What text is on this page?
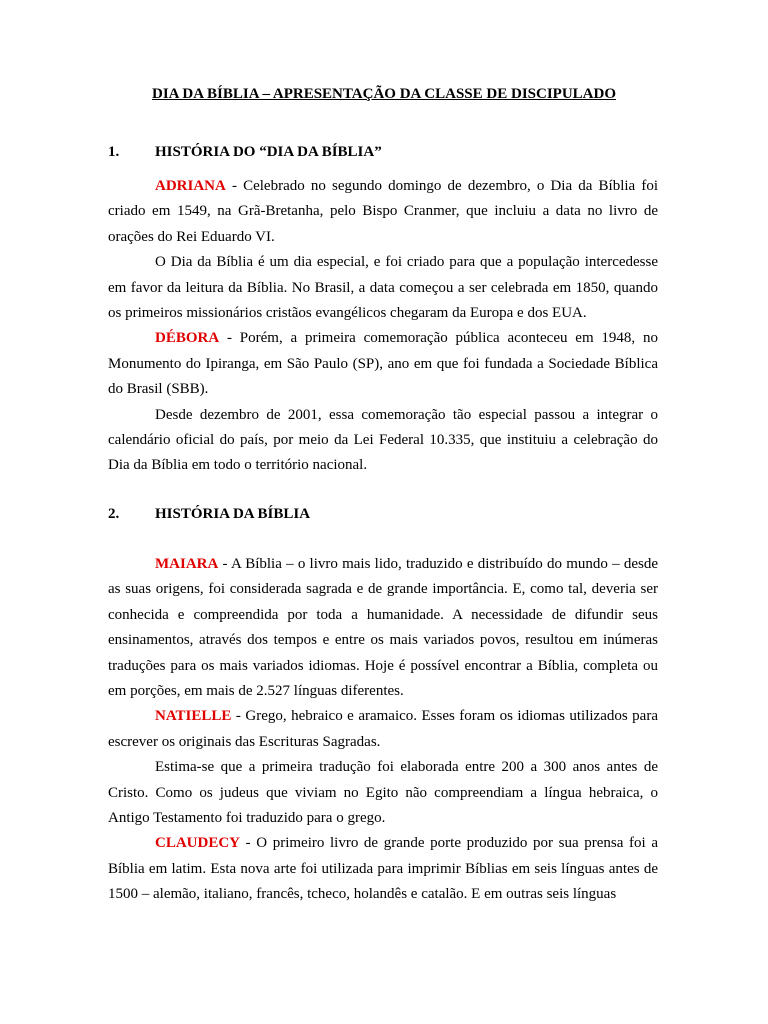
DIA DA BÍBLIA – APRESENTAÇÃO DA CLASSE DE DISCIPULADO
1. HISTÓRIA DO “DIA DA BÍBLIA”

ADRIANA - Celebrado no segundo domingo de dezembro, o Dia da Bíblia foi criado em 1549, na Grã-Bretanha, pelo Bispo Cranmer, que incluiu a data no livro de orações do Rei Eduardo VI.

O Dia da Bíblia é um dia especial, e foi criado para que a população intercedesse em favor da leitura da Bíblia. No Brasil, a data começou a ser celebrada em 1850, quando os primeiros missionários cristãos evangélicos chegaram da Europa e dos EUA.

DÉBORA - Porém, a primeira comemoração pública aconteceu em 1948, no Monumento do Ipiranga, em São Paulo (SP), ano em que foi fundada a Sociedade Bíblica do Brasil (SBB).

Desde dezembro de 2001, essa comemoração tão especial passou a integrar o calendário oficial do país, por meio da Lei Federal 10.335, que instituiu a celebração do Dia da Bíblia em todo o território nacional.

2. HISTÓRIA DA BÍBLIA

MAIARA - A Bíblia – o livro mais lido, traduzido e distribuído do mundo – desde as suas origens, foi considerada sagrada e de grande importância. E, como tal, deveria ser conhecida e compreendida por toda a humanidade. A necessidade de difundir seus ensinamentos, através dos tempos e entre os mais variados povos, resultou em inúmeras traduções para os mais variados idiomas. Hoje é possível encontrar a Bíblia, completa ou em porções, em mais de 2.527 línguas diferentes.

NATIELLE - Grego, hebraico e aramaico. Esses foram os idiomas utilizados para escrever os originais das Escrituras Sagradas.

Estima-se que a primeira tradução foi elaborada entre 200 a 300 anos antes de Cristo. Como os judeus que viviam no Egito não compreendiam a língua hebraica, o Antigo Testamento foi traduzido para o grego.

CLAUDECY - O primeiro livro de grande porte produzido por sua prensa foi a Bíblia em latim. Esta nova arte foi utilizada para imprimir Bíblias em seis línguas antes de 1500 – alemão, italiano, francês, tcheco, holandês e catalão. E em outras seis línguas
